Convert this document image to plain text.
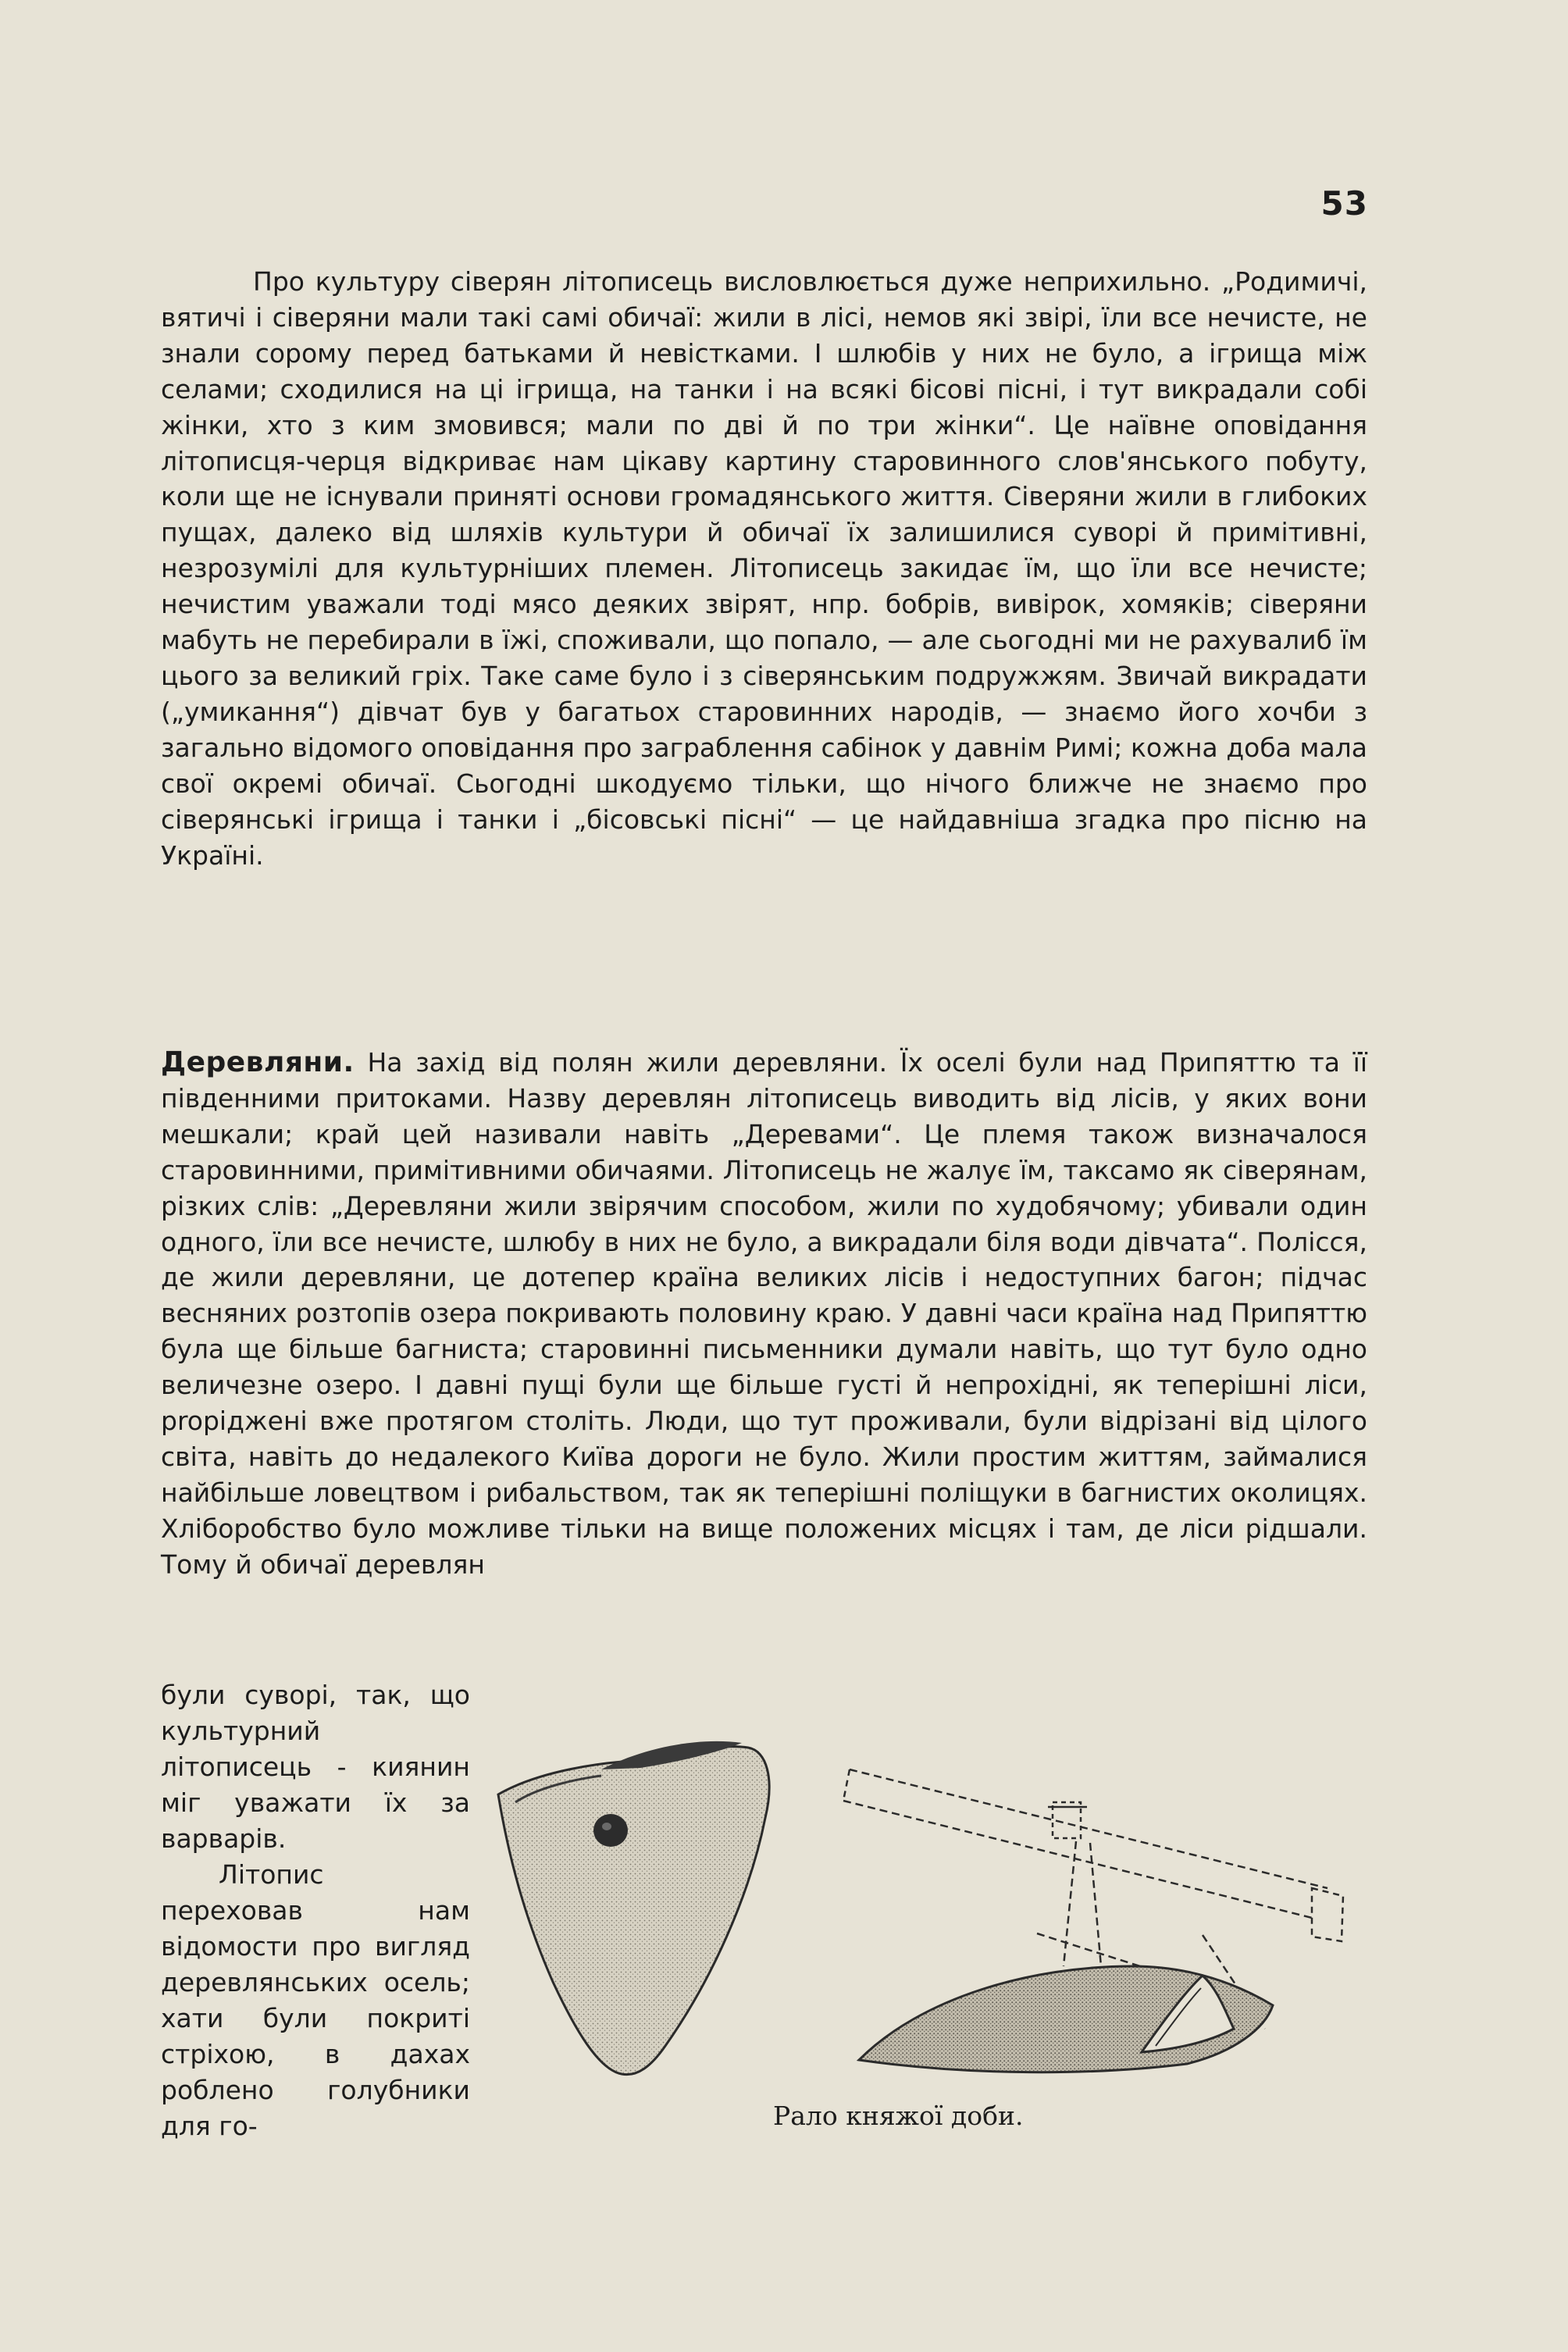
53

Про культуру сіверян літописець висловлюється дуже неприхильно. „Родимичі, вятичі і сіверяни мали такі самі обичаї: жили в лісі, немов які звірі, їли все нечисте, не знали сорому перед батьками й невістками. І шлюбів у них не було, а ігрища між селами; сходилися на ці ігрища, на танки і на всякі бісові пісні, і тут викрадали собі жінки, хто з ким змовився; мали по дві й по три жінки“. Це наївне оповідання літописця-черця відкриває нам цікаву картину старовинного слов'янського побуту, коли ще не існували приняті основи громадянського життя. Сіверяни жили в глибоких пущах, далеко від шляхів культури й обичаї їх залишилися суворі й примітивні, незрозумілі для культурніших племен. Літописець закидає їм, що їли все нечисте; нечистим уважали тоді мясо деяких звірят, нпр. бобрів, вивірок, хомяків; сіверяни мабуть не перебирали в їжі, споживали, що попало, — але сьогодні ми не рахувалиб їм цього за великий гріх. Таке саме було і з сіверянським подружжям. Звичай викрадати („умикання“) дівчат був у багатьох старовинних народів, — знаємо його хочби з загально відомого оповідання про заграблення сабінок у давнім Римі; кожна доба мала свої окремі обичаї. Сьогодні шкодуємо тільки, що нічого ближче не знаємо про сіверянські ігрища і танки і „бісовські пісні“ — це найдавніша згадка про пісню на Україні.

Деревляни. На захід від полян жили деревляни. Їх оселі були над Припяттю та її південними притоками. Назву деревлян літописець виводить від лісів, у яких вони мешкали; край цей називали навіть „Деревами“. Це племя також визначалося старовинними, примітивними обичаями. Літописець не жалує їм, таксамо як сіверянам, різких слів: „Деревляни жили звірячим способом, жили по худобячому; убивали один одного, їли все нечисте, шлюбу в них не було, а викрадали біля води дівчата“. Полісся, де жили деревляни, це дотепер країна великих лісів і недоступних багон; підчас весняних розтопів озера покривають половину краю. У давні часи країна над Припяттю була ще більше багниста; старовинні письменники думали навіть, що тут було одно величезне озеро. І давні пущі були ще більше густі й непрохідні, як теперішні ліси, proрідженi вже протягом століть. Люди, що тут проживали, були відрізані від цілого світа, навіть до недалекого Київа дороги не було. Жили простим життям, займалися найбільше ловецтвом і рибальством, так як теперішні поліщуки в багнистих околицях. Хліборобство було можливе тільки на вище положених місцях і там, де ліси рідшали. Тому й обичаї деревлян

були суворі, так, що культурний літописець - киянин міг уважати їх за варварів.

Літопис переховав нам відомости про вигляд деревлянських осель; хати були покриті стріхою, в дахах роблено голубники для го-	Рало княжої доби.
